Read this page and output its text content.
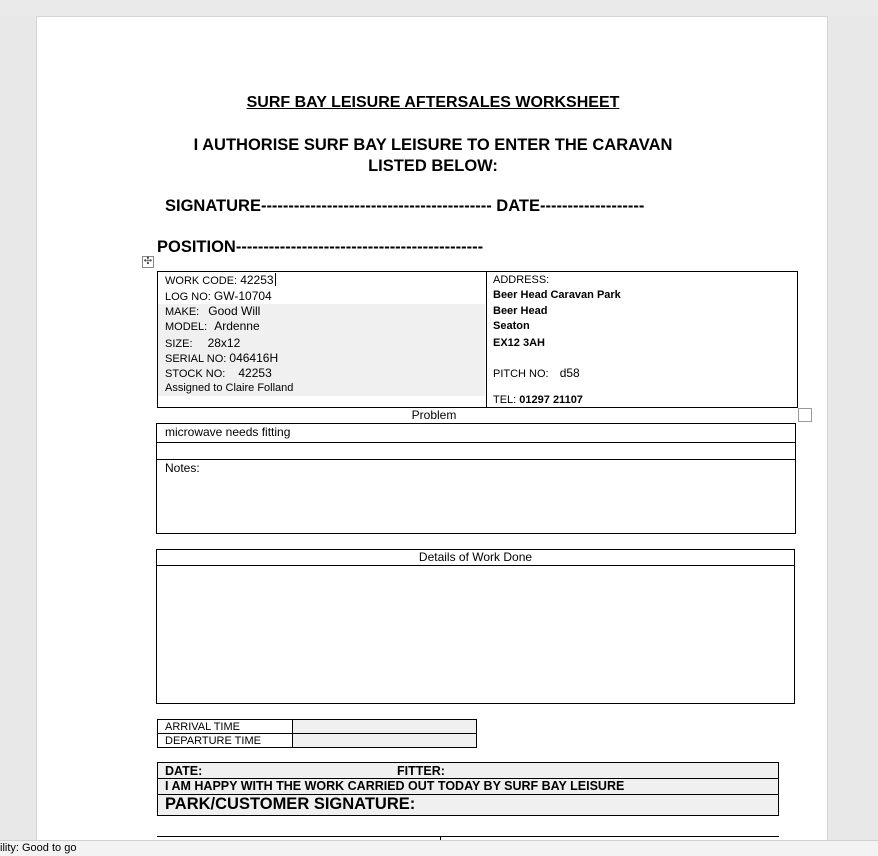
SURF BAY LEISURE AFTERSALES WORKSHEET
I AUTHORISE SURF BAY LEISURE TO ENTER THE CARAVAN
LISTED BELOW:
SIGNATURE------------------------------------------ DATE-------------------
POSITION---------------------------------------------
✣
WORK CODE: 42253
LOG NO: GW-10704
MAKE: Good Will
MODEL: Ardenne
SIZE: 28x12
SERIAL NO: 046416H
STOCK NO: 42253
Assigned to Claire Folland
ADDRESS:
Beer Head Caravan Park
Beer Head
Seaton
EX12 3AH
PITCH NO: d58
TEL: 01297 21107
Problem
microwave needs fitting
Notes:
Details of Work Done
ARRIVAL TIME
DEPARTURE TIME
DATE:	FITTER:
I AM HAPPY WITH THE WORK CARRIED OUT TODAY BY SURF BAY LEISURE
PARK/CUSTOMER SIGNATURE:
ility: Good to go
